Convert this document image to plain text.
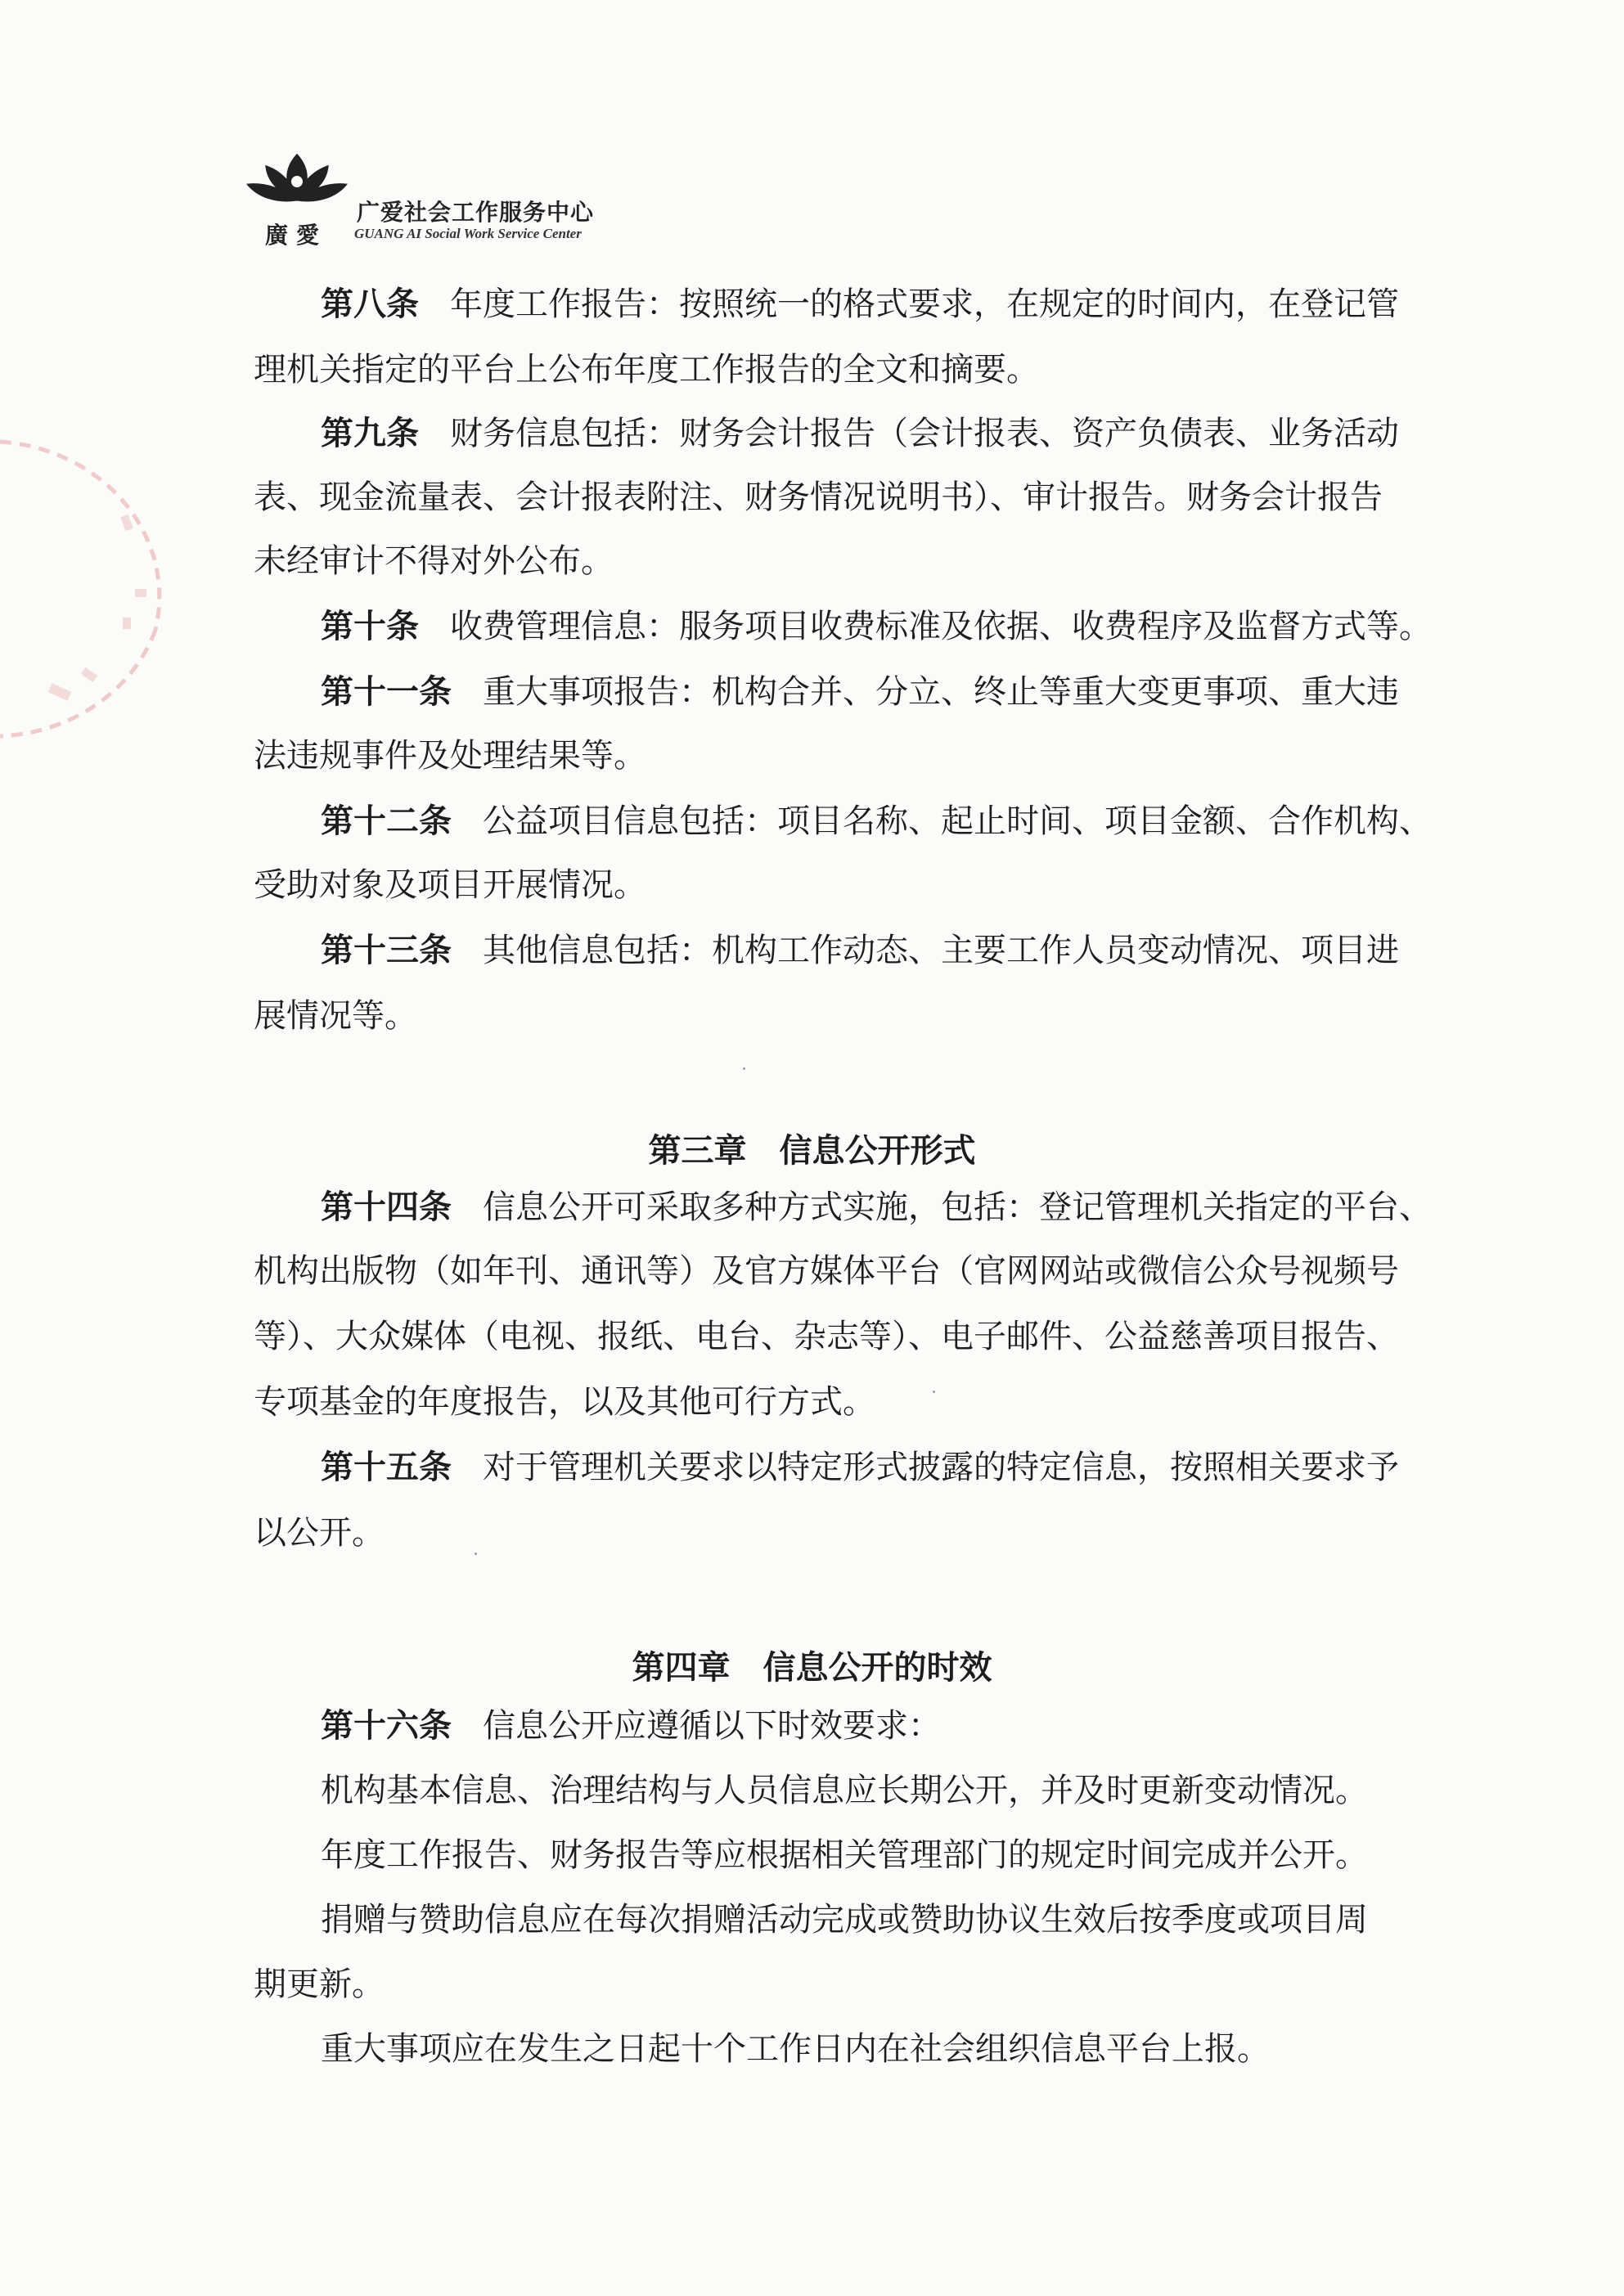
廣愛
广爱社会工作服务中心
GUANG AI Social Work Service Center
第八条 年度工作报告：按照统一的格式要求，在规定的时间内，在登记管
理机关指定的平台上公布年度工作报告的全文和摘要。
第九条 财务信息包括：财务会计报告（会计报表、资产负债表、业务活动
表、现金流量表、会计报表附注、财务情况说明书）、审计报告。财务会计报告
未经审计不得对外公布。
第十条 收费管理信息：服务项目收费标准及依据、收费程序及监督方式等。
第十一条 重大事项报告：机构合并、分立、终止等重大变更事项、重大违
法违规事件及处理结果等。
第十二条 公益项目信息包括：项目名称、起止时间、项目金额、合作机构、
受助对象及项目开展情况。
第十三条 其他信息包括：机构工作动态、主要工作人员变动情况、项目进
展情况等。
第三章 信息公开形式
第十四条 信息公开可采取多种方式实施，包括：登记管理机关指定的平台、
机构出版物（如年刊、通讯等）及官方媒体平台（官网网站或微信公众号视频号
等）、大众媒体（电视、报纸、电台、杂志等）、电子邮件、公益慈善项目报告、
专项基金的年度报告，以及其他可行方式。
第十五条 对于管理机关要求以特定形式披露的特定信息，按照相关要求予
以公开。
第四章 信息公开的时效
第十六条 信息公开应遵循以下时效要求：
机构基本信息、治理结构与人员信息应长期公开，并及时更新变动情况。
年度工作报告、财务报告等应根据相关管理部门的规定时间完成并公开。
捐赠与赞助信息应在每次捐赠活动完成或赞助协议生效后按季度或项目周
期更新。
重大事项应在发生之日起十个工作日内在社会组织信息平台上报。
